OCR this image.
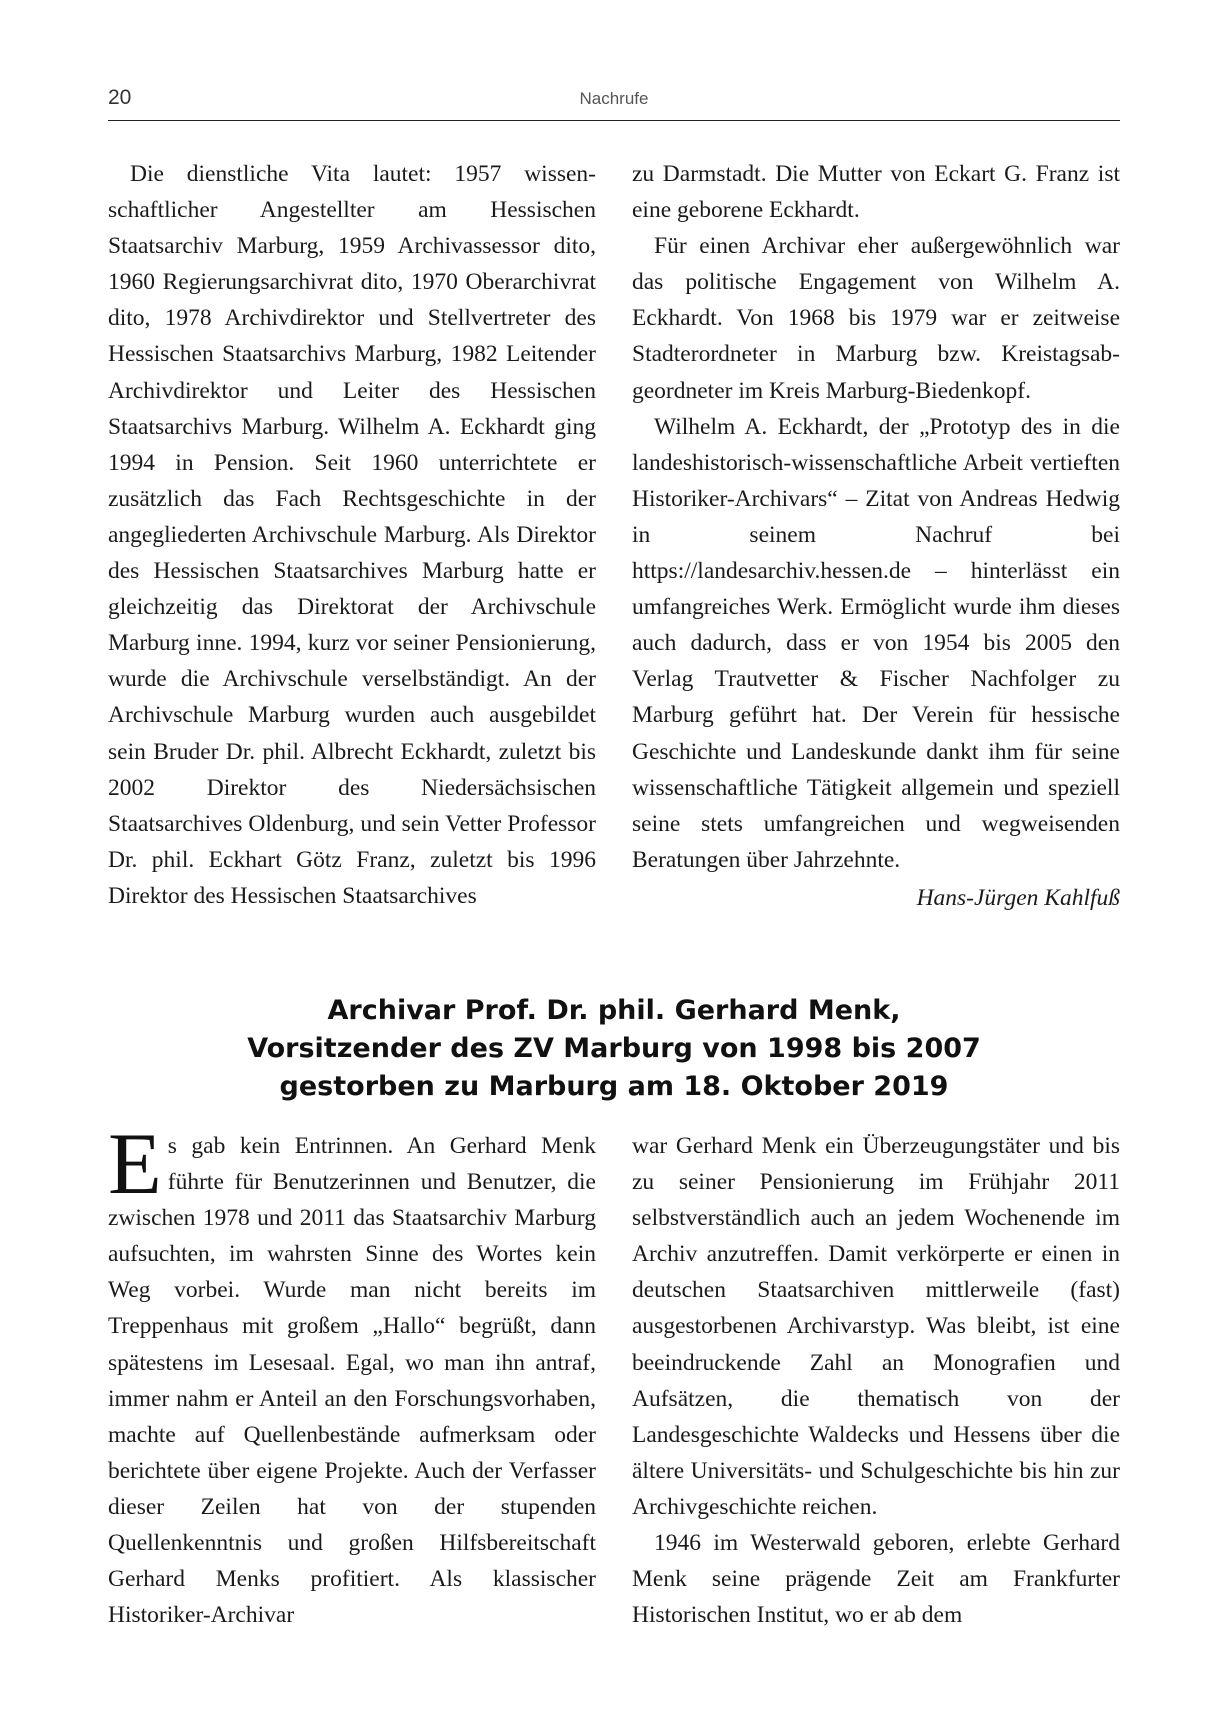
20	Nachrufe

Die dienstliche Vita lautet: 1957 wissenschaftlicher Angestellter am Hessischen Staatsarchiv Marburg, 1959 Archivassessor dito, 1960 Regierungsarchivrat dito, 1970 Oberarchivrat dito, 1978 Archivdirektor und Stellvertreter des Hessischen Staatsarchivs Marburg, 1982 Leitender Archivdirektor und Leiter des Hessischen Staatsarchivs Marburg. Wilhelm A. Eckhardt ging 1994 in Pension. Seit 1960 unterrichtete er zusätzlich das Fach Rechtsgeschichte in der angegliederten Archivschule Marburg. Als Direktor des Hessischen Staatsarchives Marburg hatte er gleichzeitig das Direktorat der Archivschule Marburg inne. 1994, kurz vor seiner Pensionierung, wurde die Archivschule verselbständigt. An der Archivschule Marburg wurden auch ausgebildet sein Bruder Dr. phil. Albrecht Eckhardt, zuletzt bis 2002 Direktor des Niedersächsischen Staatsarchives Oldenburg, und sein Vetter Professor Dr. phil. Eckhart Götz Franz, zuletzt bis 1996 Direktor des Hessischen Staatsarchives

zu Darmstadt. Die Mutter von Eckart G. Franz ist eine geborene Eckhardt.

Für einen Archivar eher außergewöhnlich war das politische Engagement von Wilhelm A. Eckhardt. Von 1968 bis 1979 war er zeitweise Stadterordneter in Marburg bzw. Kreistagsabgeordneter im Kreis Marburg-Biedenkopf.

Wilhelm A. Eckhardt, der „Prototyp des in die landeshistorisch-wissenschaftliche Arbeit vertieften Historiker-Archivars“ – Zitat von Andreas Hedwig in seinem Nachruf bei https://landesarchiv.hessen.de – hinterlässt ein umfangreiches Werk. Ermöglicht wurde ihm dieses auch dadurch, dass er von 1954 bis 2005 den Verlag Trautvetter & Fischer Nachfolger zu Marburg geführt hat. Der Verein für hessische Geschichte und Landeskunde dankt ihm für seine wissenschaftliche Tätigkeit allgemein und speziell seine stets umfangreichen und wegweisenden Beratungen über Jahrzehnte.

Hans-Jürgen Kahlfuß

Archivar Prof. Dr. phil. Gerhard Menk,
Vorsitzender des ZV Marburg von 1998 bis 2007
gestorben zu Marburg am 18. Oktober 2019

Es gab kein Entrinnen. An Gerhard Menk führte für Benutzerinnen und Benutzer, die zwischen 1978 und 2011 das Staatsarchiv Marburg aufsuchten, im wahrsten Sinne des Wortes kein Weg vorbei. Wurde man nicht bereits im Treppenhaus mit großem „Hallo“ begrüßt, dann spätestens im Lesesaal. Egal, wo man ihn antraf, immer nahm er Anteil an den Forschungsvorhaben, machte auf Quellenbestände aufmerksam oder berichtete über eigene Projekte. Auch der Verfasser dieser Zeilen hat von der stupenden Quellenkenntnis und großen Hilfsbereitschaft Gerhard Menks profitiert. Als klassischer Historiker-Archivar

war Gerhard Menk ein Überzeugungstäter und bis zu seiner Pensionierung im Frühjahr 2011 selbstverständlich auch an jedem Wochenende im Archiv anzutreffen. Damit verkörperte er einen in deutschen Staatsarchiven mittlerweile (fast) ausgestorbenen Archivarstyp. Was bleibt, ist eine beeindruckende Zahl an Monografien und Aufsätzen, die thematisch von der Landesgeschichte Waldecks und Hessens über die ältere Universitäts- und Schulgeschichte bis hin zur Archivgeschichte reichen.

1946 im Westerwald geboren, erlebte Gerhard Menk seine prägende Zeit am Frankfurter Historischen Institut, wo er ab dem
